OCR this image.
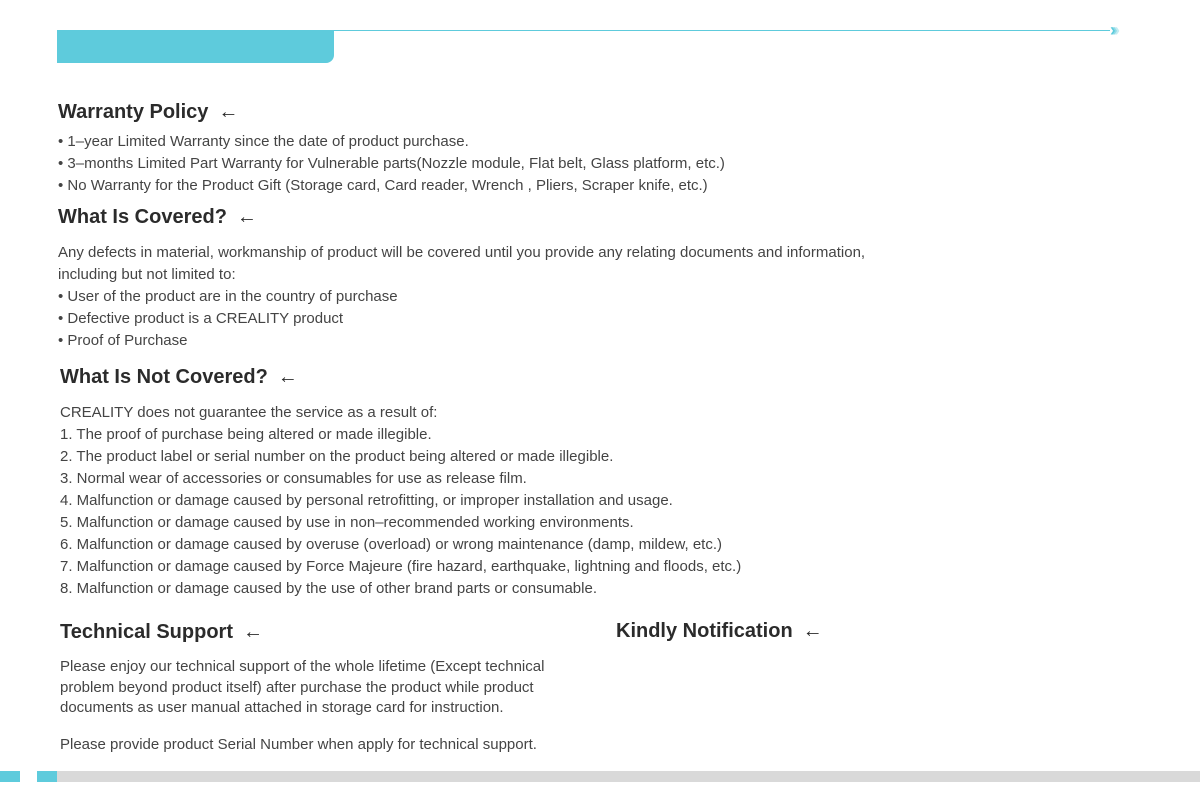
›››
Warranty Policy ←
• 1–year Limited Warranty since the date of product purchase.
• 3–months Limited Part Warranty for Vulnerable parts(Nozzle module, Flat belt, Glass platform, etc.)
• No Warranty for the Product Gift (Storage card, Card reader, Wrench , Pliers, Scraper knife, etc.)
What Is Covered? ←
Any defects in material, workmanship of product will be covered until you provide any relating documents and information,
including but not limited to:
• User of the product are in the country of purchase
• Defective product is a CREALITY product
• Proof of Purchase
What Is Not Covered? ←
CREALITY does not guarantee the service as a result of:
1. The proof of purchase being altered or made illegible.
2. The product label or serial number on the product being altered or made illegible.
3. Normal wear of accessories or consumables for use as release film.
4. Malfunction or damage caused by personal retrofitting, or improper installation and usage.
5. Malfunction or damage caused by use in non–recommended working environments.
6. Malfunction or damage caused by overuse (overload) or wrong maintenance (damp, mildew, etc.)
7. Malfunction or damage caused by Force Majeure (fire hazard, earthquake, lightning and floods, etc.)
8. Malfunction or damage caused by the use of other brand parts or consumable.
Technical Support ←
Please enjoy our technical support of the whole lifetime (Except technical problem beyond product itself) after purchase the product while product documents as user manual attached in storage card for instruction.
Please provide product Serial Number when apply for technical support.
Kindly Notification ←
